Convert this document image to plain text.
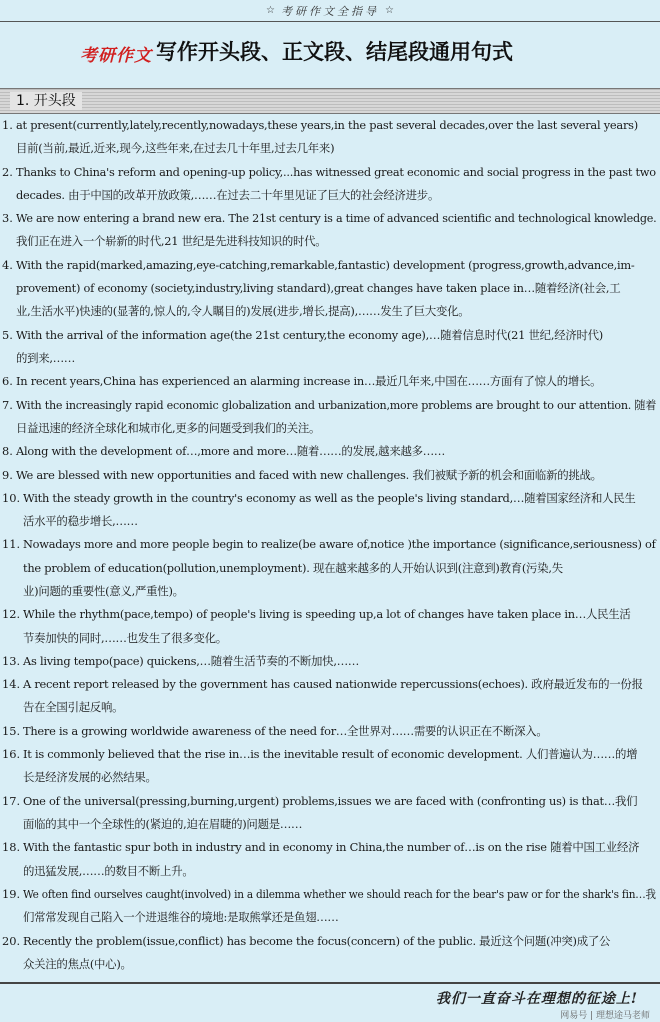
☆ 考研作文全指导 ☆
考研作文 写作开头段、正文段、结尾段通用句式
1. 开头段
1. at present(currently,lately,recently,nowadays,these years,in the past several decades,over the last several years)
目前(当前,最近,近来,现今,这些年来,在过去几十年里,过去几年来)
2. Thanks to China's reform and opening-up policy,...has witnessed great economic and social progress in the past two
decades. 由于中国的改革开放政策,……在过去二十年里见证了巨大的社会经济进步。
3. We are now entering a brand new era. The 21st century is a time of advanced scientific and technological knowledge.
我们正在进入一个崭新的时代,21 世纪是先进科技知识的时代。
4. With the rapid(marked,amazing,eye-catching,remarkable,fantastic) development (progress,growth,advance,im-
provement) of economy (society,industry,living standard),great changes have taken place in…随着经济(社会,工
业,生活水平)快速的(显著的,惊人的,令人瞩目的)发展(进步,增长,提高),……发生了巨大变化。
5. With the arrival of the information age(the 21st century,the economy age),…随着信息时代(21 世纪,经济时代)
的到来,……
6. In recent years,China has experienced an alarming increase in…最近几年来,中国在……方面有了惊人的增长。
7. With the increasingly rapid economic globalization and urbanization,more problems are brought to our attention. 随着
日益迅速的经济全球化和城市化,更多的问题受到我们的关注。
8. Along with the development of…,more and more…随着……的发展,越来越多……
9. We are blessed with new opportunities and faced with new challenges. 我们被赋予新的机会和面临新的挑战。
10. With the steady growth in the country's economy as well as the people's living standard,…随着国家经济和人民生
活水平的稳步增长,……
11. Nowadays more and more people begin to realize(be aware of,notice )the importance (significance,seriousness) of
the problem of education(pollution,unemployment). 现在越来越多的人开始认识到(注意到)教育(污染,失
业)问题的重要性(意义,严重性)。
12. While the rhythm(pace,tempo) of people's living is speeding up,a lot of changes have taken place in…人民生活
节奏加快的同时,……也发生了很多变化。
13. As living tempo(pace) quickens,…随着生活节奏的不断加快,……
14. A recent report released by the government has caused nationwide repercussions(echoes). 政府最近发布的一份报
告在全国引起反响。
15. There is a growing worldwide awareness of the need for…全世界对……需要的认识正在不断深入。
16. It is commonly believed that the rise in…is the inevitable result of economic development. 人们普遍认为……的增
长是经济发展的必然结果。
17. One of the universal(pressing,burning,urgent) problems,issues we are faced with (confronting us) is that…我们
面临的其中一个全球性的(紧迫的,迫在眉睫的)问题是……
18. With the fantastic spur both in industry and in economy in China,the number of…is on the rise 随着中国工业经济
的迅猛发展,……的数目不断上升。
19. We often find ourselves caught(involved) in a dilemma whether we should reach for the bear's paw or for the shark's fin…我
们常常发现自己陷入一个进退维谷的境地:是取熊掌还是鱼翅……
20. Recently the problem(issue,conflict) has become the focus(concern) of the public. 最近这个问题(冲突)成了公
众关注的焦点(中心)。
我们一直奋斗在理想的征途上!
网易号 | 理想途马老师
